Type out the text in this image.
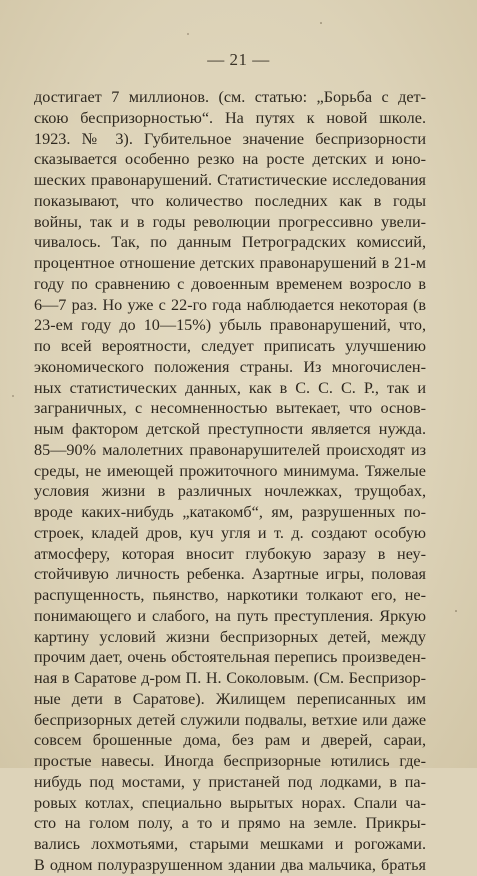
— 21 —
достигает 7 миллионов. (см. статью: „Борьба с дет-
скою беспризорностью“. На путях к новой школе.
1923. № 3). Губительное значение беспризорности
сказывается особенно резко на росте детских и юно-
шеских правонарушений. Статистические исследования
показывают, что количество последних как в годы
войны, так и в годы революции прогрессивно увели-
чивалось. Так, по данным Петроградских комиссий,
процентное отношение детских правонарушений в 21-м
году по сравнению с довоенным временем возросло в
6—7 раз. Но уже с 22-го года наблюдается некоторая (в
23-ем году до 10—15%) убыль правонарушений, что,
по всей вероятности, следует приписать улучшению
экономического положения страны. Из многочислен-
ных статистических данных, как в С. С. С. Р., так и
заграничных, с несомненностью вытекает, что основ-
ным фактором детской преступности является нужда.
85—90% малолетних правонарушителей происходят из
среды, не имеющей прожиточного минимума. Тяжелые
условия жизни в различных ночлежках, трущобах,
вроде каких-нибудь „катакомб“, ям, разрушенных по-
строек, кладей дров, куч угля и т. д. создают особую
атмосферу, которая вносит глубокую заразу в неу-
стойчивую личность ребенка. Азартные игры, половая
распущенность, пьянство, наркотики толкают его, не-
понимающего и слабого, на путь преступления. Яркую
картину условий жизни беспризорных детей, между
прочим дает, очень обстоятельная перепись произведен-
ная в Саратове д-ром П. Н. Соколовым. (См. Беспризор-
ные дети в Саратове). Жилищем переписанных им
беспризорных детей служили подвалы, ветхие или даже
совсем брошенные дома, без рам и дверей, сараи,
простые навесы. Иногда беспризорные ютились где-
нибудь под мостами, у пристаней под лодками, в па-
ровых котлах, специально вырытых норах. Спали ча-
сто на голом полу, а то и прямо на земле. Прикры-
вались лохмотьями, старыми мешками и рогожами.
В одном полуразрушенном здании два мальчика, братья
